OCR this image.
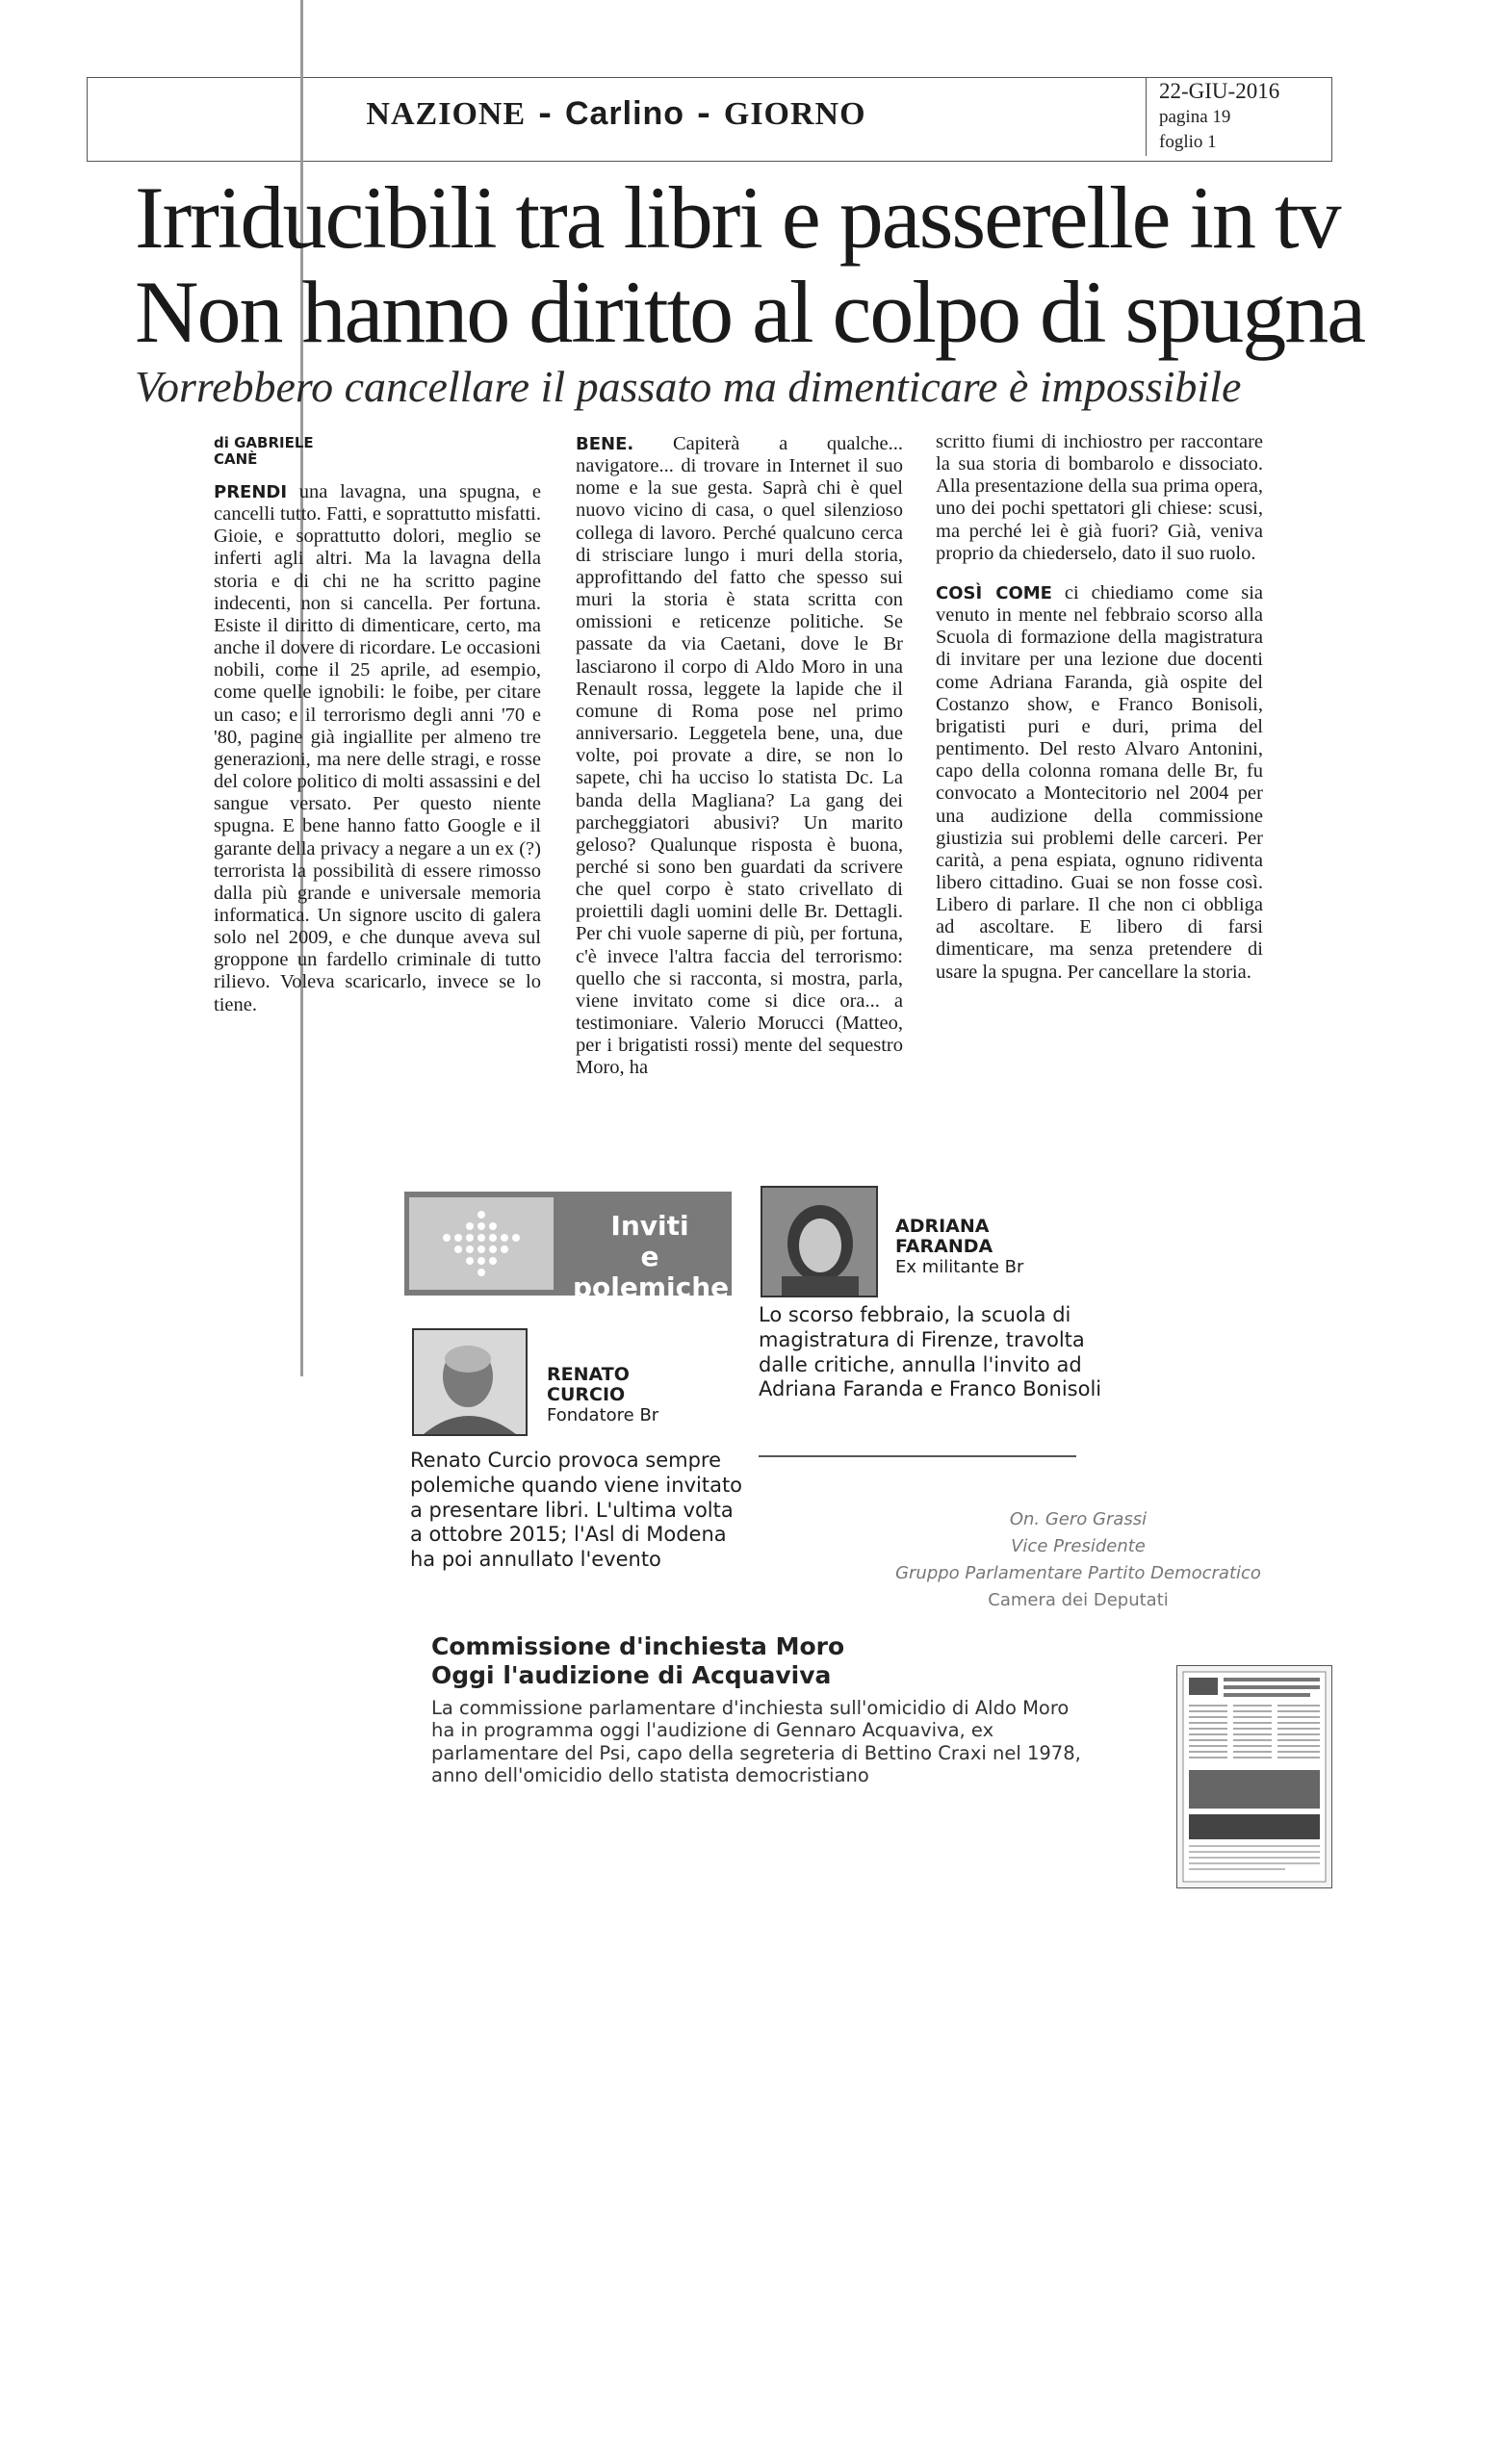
NAZIONE - Carlino - GIORNO
22-GIU-2016
pagina 19
foglio 1
Irriducibili tra libri e passerelle in tv
Non hanno diritto al colpo di spugna
Vorrebbero cancellare il passato ma dimenticare è impossibile
di GABRIELE
CANÈ

PRENDI una lavagna, una spugna, e cancelli tutto. Fatti, e soprattutto misfatti. Gioie, e soprattutto dolori, meglio se inferti agli altri. Ma la lavagna della storia e di chi ne ha scritto pagine indecenti, non si cancella. Per fortuna. Esiste il diritto di dimenticare, certo, ma anche il dovere di ricordare. Le occasioni nobili, come il 25 aprile, ad esempio, come quelle ignobili: le foibe, per citare un caso; e il terrorismo degli anni '70 e '80, pagine già ingiallite per almeno tre generazioni, ma nere delle stragi, e rosse del colore politico di molti assassini e del sangue versato. Per questo niente spugna. E bene hanno fatto Google e il garante della privacy a negare a un ex (?) terrorista la possibilità di essere rimosso dalla più grande e universale memoria informatica. Un signore uscito di galera solo nel 2009, e che dunque aveva sul groppone un fardello criminale di tutto rilievo. Voleva scaricarlo, invece se lo tiene.

BENE. Capiterà a qualche... navigatore... di trovare in Internet il suo nome e la sue gesta. Saprà chi è quel nuovo vicino di casa, o quel silenzioso collega di lavoro. Perché qualcuno cerca di strisciare lungo i muri della storia, approfittando del fatto che spesso sui muri la storia è stata scritta con omissioni e reticenze politiche. Se passate da via Caetani, dove le Br lasciarono il corpo di Aldo Moro in una Renault rossa, leggete la lapide che il comune di Roma pose nel primo anniversario. Leggetela bene, una, due volte, poi provate a dire, se non lo sapete, chi ha ucciso lo statista Dc. La banda della Magliana? La gang dei parcheggiatori abusivi? Un marito geloso? Qualunque risposta è buona, perché si sono ben guardati da scrivere che quel corpo è stato crivellato di proiettili dagli uomini delle Br. Dettagli. Per chi vuole saperne di più, per fortuna, c'è invece l'altra faccia del terrorismo: quello che si racconta, si mostra, parla, viene invitato come si dice ora... a testimoniare. Valerio Morucci (Matteo, per i brigatisti rossi) mente del sequestro Moro, ha

scritto fiumi di inchiostro per raccontare la sua storia di bombarolo e dissociato. Alla presentazione della sua prima opera, uno dei pochi spettatori gli chiese: scusi, ma perché lei è già fuori? Già, veniva proprio da chiederselo, dato il suo ruolo.

COSÌ COME ci chiediamo come sia venuto in mente nel febbraio scorso alla Scuola di formazione della magistratura di invitare per una lezione due docenti come Adriana Faranda, già ospite del Costanzo show, e Franco Bonisoli, brigatisti puri e duri, prima del pentimento. Del resto Alvaro Antonini, capo della colonna romana delle Br, fu convocato a Montecitorio nel 2004 per una audizione della commissione giustizia sui problemi delle carceri. Per carità, a pena espiata, ognuno ridiventa libero cittadino. Guai se non fosse così. Libero di parlare. Il che non ci obbliga ad ascoltare. E libero di farsi dimenticare, ma senza pretendere di usare la spugna. Per cancellare la storia.

Inviti
e polemiche
ADRIANA
FARANDA
Ex militante Br
Lo scorso febbraio, la scuola di magistratura di Firenze, travolta dalle critiche, annulla l'invito ad Adriana Faranda e Franco Bonisoli
RENATO
CURCIO
Fondatore Br
Renato Curcio provoca sempre polemiche quando viene invitato a presentare libri. L'ultima volta a ottobre 2015; l'Asl di Modena ha poi annullato l'evento
On. Gero Grassi
Vice Presidente
Gruppo Parlamentare Partito Democratico
Camera dei Deputati
Commissione d'inchiesta Moro
Oggi l'audizione di Acquaviva
La commissione parlamentare d'inchiesta sull'omicidio di Aldo Moro ha in programma oggi l'audizione di Gennaro Acquaviva, ex parlamentare del Psi, capo della segreteria di Bettino Craxi nel 1978, anno dell'omicidio dello statista democristiano
